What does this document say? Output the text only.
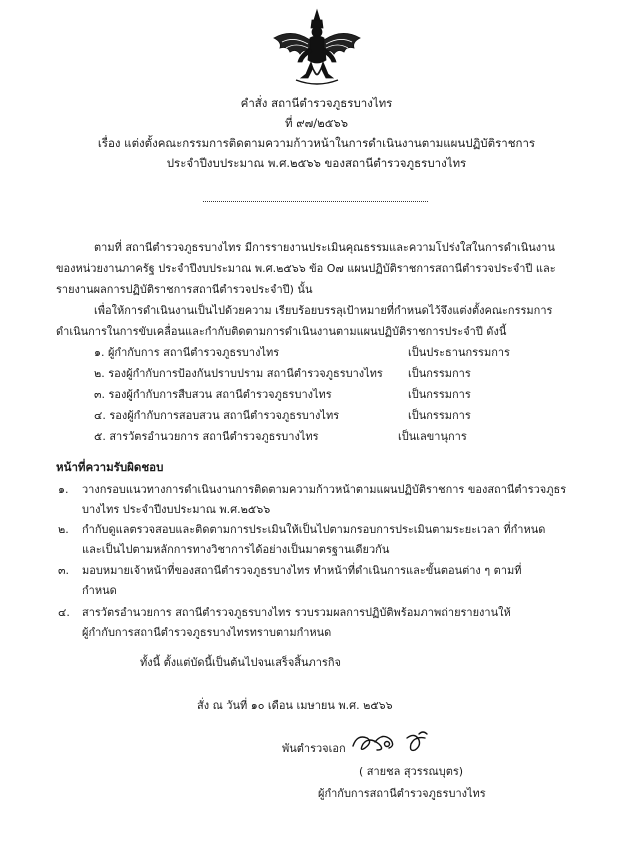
คำสั่ง สถานีตำรวจภูธรบางไทร
ที่ ๙๗/๒๕๖๖
เรื่อง แต่งตั้งคณะกรรมการติดตามความก้าวหน้าในการดำเนินงานตามแผนปฏิบัติราชการ
ประจำปีงบประมาณ พ.ศ.๒๕๖๖ ของสถานีตำรวจภูธรบางไทร
ตามที่ สถานีตำรวจภูธรบางไทร มีการรายงานประเมินคุณธรรมและความโปร่งใสในการดำเนินงาน
ของหน่วยงานภาครัฐ ประจำปีงบประมาณ พ.ศ.๒๕๖๖ ข้อ O๗ แผนปฏิบัติราชการสถานีตำรวจประจำปี และ
รายงานผลการปฏิบัติราชการสถานีตำรวจประจำปี) นั้น
เพื่อให้การดำเนินงานเป็นไปด้วยความ เรียบร้อยบรรลุเป้าหมายที่กำหนดไว้จึงแต่งตั้งคณะกรรมการ
ดำเนินการในการขับเคลื่อนและกำกับติดตามการดำเนินงานตามแผนปฏิบัติราชการประจำปี ดังนี้
๑. ผู้กำกับการ สถานีตำรวจภูธรบางไทร	เป็นประธานกรรมการ
๒. รองผู้กำกับการป้องกันปราบปราม สถานีตำรวจภูธรบางไทร เป็นกรรมการ
๓. รองผู้กำกับการสืบสวน สถานีตำรวจภูธรบางไทร	เป็นกรรมการ
๔. รองผู้กำกับการสอบสวน สถานีตำรวจภูธรบางไทร	เป็นกรรมการ
๕. สารวัตรอำนวยการ สถานีตำรวจภูธรบางไทร	เป็นเลขานุการ
หน้าที่ความรับผิดชอบ
๑. วางกรอบแนวทางการดำเนินงานการติดตามความก้าวหน้าตามแผนปฏิบัติราชการ ของสถานีตำรวจภูธร
บางไทร ประจำปีงบประมาณ พ.ศ.๒๕๖๖
๒. กำกับดูแลตรวจสอบและติดตามการประเมินให้เป็นไปตามกรอบการประเมินตามระยะเวลา ที่กำหนด
และเป็นไปตามหลักการทางวิชาการได้อย่างเป็นมาตรฐานเดียวกัน
๓. มอบหมายเจ้าหน้าที่ของสถานีตำรวจภูธรบางไทร ทำหน้าที่ดำเนินการและขั้นตอนต่าง ๆ ตามที่
กำหนด
๔. สารวัตรอำนวยการ สถานีตำรวจภูธรบางไทร รวบรวมผลการปฏิบัติพร้อมภาพถ่ายรายงานให้
ผู้กำกับการสถานีตำรวจภูธรบางไทรทราบตามกำหนด
ทั้งนี้ ตั้งแต่บัดนี้เป็นต้นไปจนเสร็จสิ้นภารกิจ
สั่ง ณ วันที่ ๑๐ เดือน เมษายน พ.ศ. ๒๕๖๖
พันตำรวจเอก
( สายชล สุวรรณบุตร)
ผู้กำกับการสถานีตำรวจภูธรบางไทร
